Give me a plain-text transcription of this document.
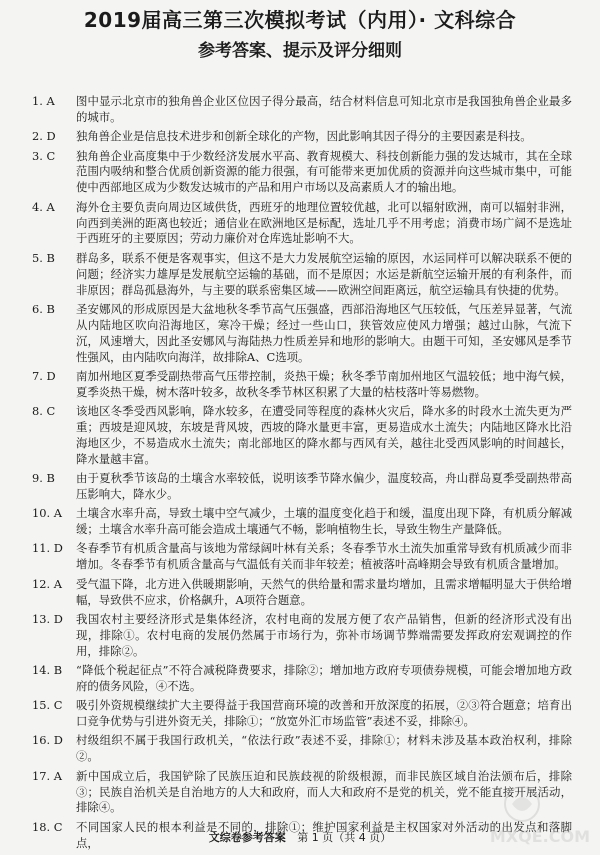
2019届高三第三次模拟考试（内用）· 文科综合
参考答案、提示及评分细则
1. A	图中显示北京市的独角兽企业区位因子得分最高，结合材料信息可知北京市是我国独角兽企业最多的城市。
2. D	独角兽企业是信息技术进步和创新全球化的产物，因此影响其因子得分的主要因素是科技。
3. C	独角兽企业高度集中于少数经济发展水平高、教育规模大、科技创新能力强的发达城市，其在全球范围内吸纳和整合优质创新资源的能力很强，有可能带来更加优质的资源并向这些城市集中，可能使中西部地区成为少数发达城市的产品和用户市场以及高素质人才的输出地。
4. A	海外仓主要负责向周边区域供货，西班牙的地理位置较优越，北可以辐射欧洲，南可以辐射非洲，向西到美洲的距离也较近；通信业在欧洲地区是标配，选址几乎不用考虑；消费市场广阔不是选址于西班牙的主要原因；劳动力廉价对仓库选址影响不大。
5. B	群岛多，联系不便是客观事实，但这不是大力发展航空运输的原因，水运同样可以解决联系不便的问题；经济实力雄厚是发展航空运输的基础，而不是原因；水运是新航空运输开展的有利条件，而非原因；群岛孤悬海外，与主要的联系密集区域——欧洲空间距离远，航空运输具有快捷的优势。
6. B	圣安娜风的形成原因是大盆地秋冬季节高气压强盛，西部沿海地区气压较低，气压差异显著，气流从内陆地区吹向沿海地区，寒冷干燥；经过一些山口，狭管效应使风力增强；越过山脉，气流下沉，风速增大，因此圣安娜风与海陆热力性质差异和地形的影响大。由题干可知，圣安娜风是季节性强风，由内陆吹向海洋，故排除A、C选项。
7. D	南加州地区夏季受副热带高气压带控制，炎热干燥；秋冬季节南加州地区气温较低；地中海气候，夏季炎热干燥，树木落叶较多，故秋冬季节林区积累了大量的枯枝落叶等易燃物。
8. C	该地区冬季受西风影响，降水较多，在遭受同等程度的森林火灾后，降水多的时段水土流失更为严重；西坡是迎风坡，东坡是背风坡，西坡的降水量更丰富，更易造成水土流失；内陆地区降水比沿海地区少，不易造成水土流失；南北部地区的降水都与西风有关，越往北受西风影响的时间越长，降水量越丰富。
9. B	由于夏秋季节该岛的土壤含水率较低，说明该季节降水偏少，温度较高，舟山群岛夏季受副热带高压影响大，降水少。
10. A	土壤含水率升高，导致土壤中空气减少，土壤的温度变化趋于和缓，温度出现下降，有机质分解减缓；土壤含水率升高可能会造成土壤通气不畅，影响植物生长，导致生物生产量降低。
11. D	冬春季节有机质含量高与该地为常绿阔叶林有关系；冬春季节水土流失加重常导致有机质减少而非增加。冬春季节有机质含量高与气温低有关而非年较差；植被落叶高峰期会导致有机质含量增加。
12. A	受气温下降，北方进入供暖期影响，天然气的供给量和需求量均增加，且需求增幅明显大于供给增幅，导致供不应求，价格飙升，A项符合题意。
13. D	我国农村主要经济形式是集体经济，农村电商的发展方便了农产品销售，但新的经济形式没有出现，排除①。农村电商的发展仍然属于市场行为，弥补市场调节弊端需要发挥政府宏观调控的作用，排除②。
14. B	“降低个税起征点”不符合减税降费要求，排除②；增加地方政府专项债券规模，可能会增加地方政府的债务风险，④不选。
15. C	吸引外资规模继续扩大主要得益于我国营商环境的改善和开放深度的拓展，②③符合题意；培育出口竞争优势与引进外资无关，排除①；“放宽外汇市场监管”表述不妥，排除④。
16. D	村级组织不属于我国行政机关，“依法行政”表述不妥，排除①；材料未涉及基本政治权利，排除②。
17. A	新中国成立后，我国铲除了民族压迫和民族歧视的阶级根源，而非民族区域自治法颁布后，排除③；民族自治机关是自治地方的人大和政府，而人大和政府不是党的机关，党不能直接开展活动，排除④。
18. C	不同国家人民的根本利益是不同的，排除①；维护国家利益是主权国家对外活动的出发点和落脚点，	文综卷参考答案 第 1 页（共 4 页）	MXQE.COM
